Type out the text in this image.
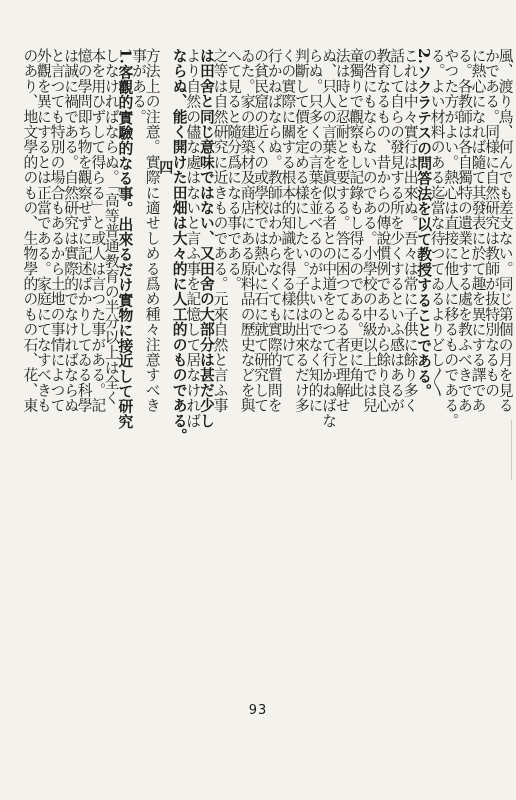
風、渡り鳥、何んでも差支ない。同じ第個の月を見る
かである。同様に自然研究は教師が抜特別なるもの
に熱心になれば隨て其發表に於て趣を異にする譯であ
る。各教師は各自獨特の遺業とする處を教ふべきであ
やつた方がよい。熱心は直接に他人に移るものである。
る。よい材料のある迄當な待つてゐるよりどし〳〵
2.ソクラテスの問答法を以て教授することである。
これは中々實行は出來ぬ。吾々は常に子供に餘り多く
話して自らの發見する所を少くするといふ感はあるが
教育なるもの、昔からの傳說慣例であるから餘り良心
の咎にもならないのである。小學校の中級以上では兒
童獨りで觀察もし記錄もし得るのである。更に角此
法は時と忍耐とを要する。答に困つてゐる者と理解せ
ぬ、只人の言葉を眞似る者との中道をとつて行かねばな
らぬ。只多くの言葉を並べるのがよいのでなく知的に
判斷して價を定める樣にしたい。子供は出來るだけ多
くの實際に關する根本的知識を得る樣に助けて
行かねばならぬ。教師はわからなくても實際的質問を
の貧民窟の近くの或學校では熱心に石に就て研究して
ゐた。家の建築材及商店にある原料品の歷史などを與
へて見ると隨分爲になる事である。
之等は自然研究に近きものである。元來自然と言ふ事
は田舍と同じ意味ではない、又田舍の大部分は甚だ少し
より自然の儘な處はないと言ふ事を記憶して居なければ
ならぬ、能く開けた田畑は大々的に人工的のものである。
四
方法上の注意。實際に適せしめる爲め種々注意すべき
事がある。
1.客觀的實驗的なる事。出來るだけ實物に接近して研究
しなければならぬ。「高等普通教育の半分以上は全く
本を用ひずして得らる」と或人は言つた事がある。記
憶の學問即ち物を觀察せずに記述ばかりしてゐる科學
は誠に禍である。自然研究は實際的でなければならぬ
と言つても特別の場合もあるから土地の事情によつて
外觀を異にするとは正當である。家庭にてなすべきも
のあり、地文學的のもの、生物學的のもの石、花、東
93
